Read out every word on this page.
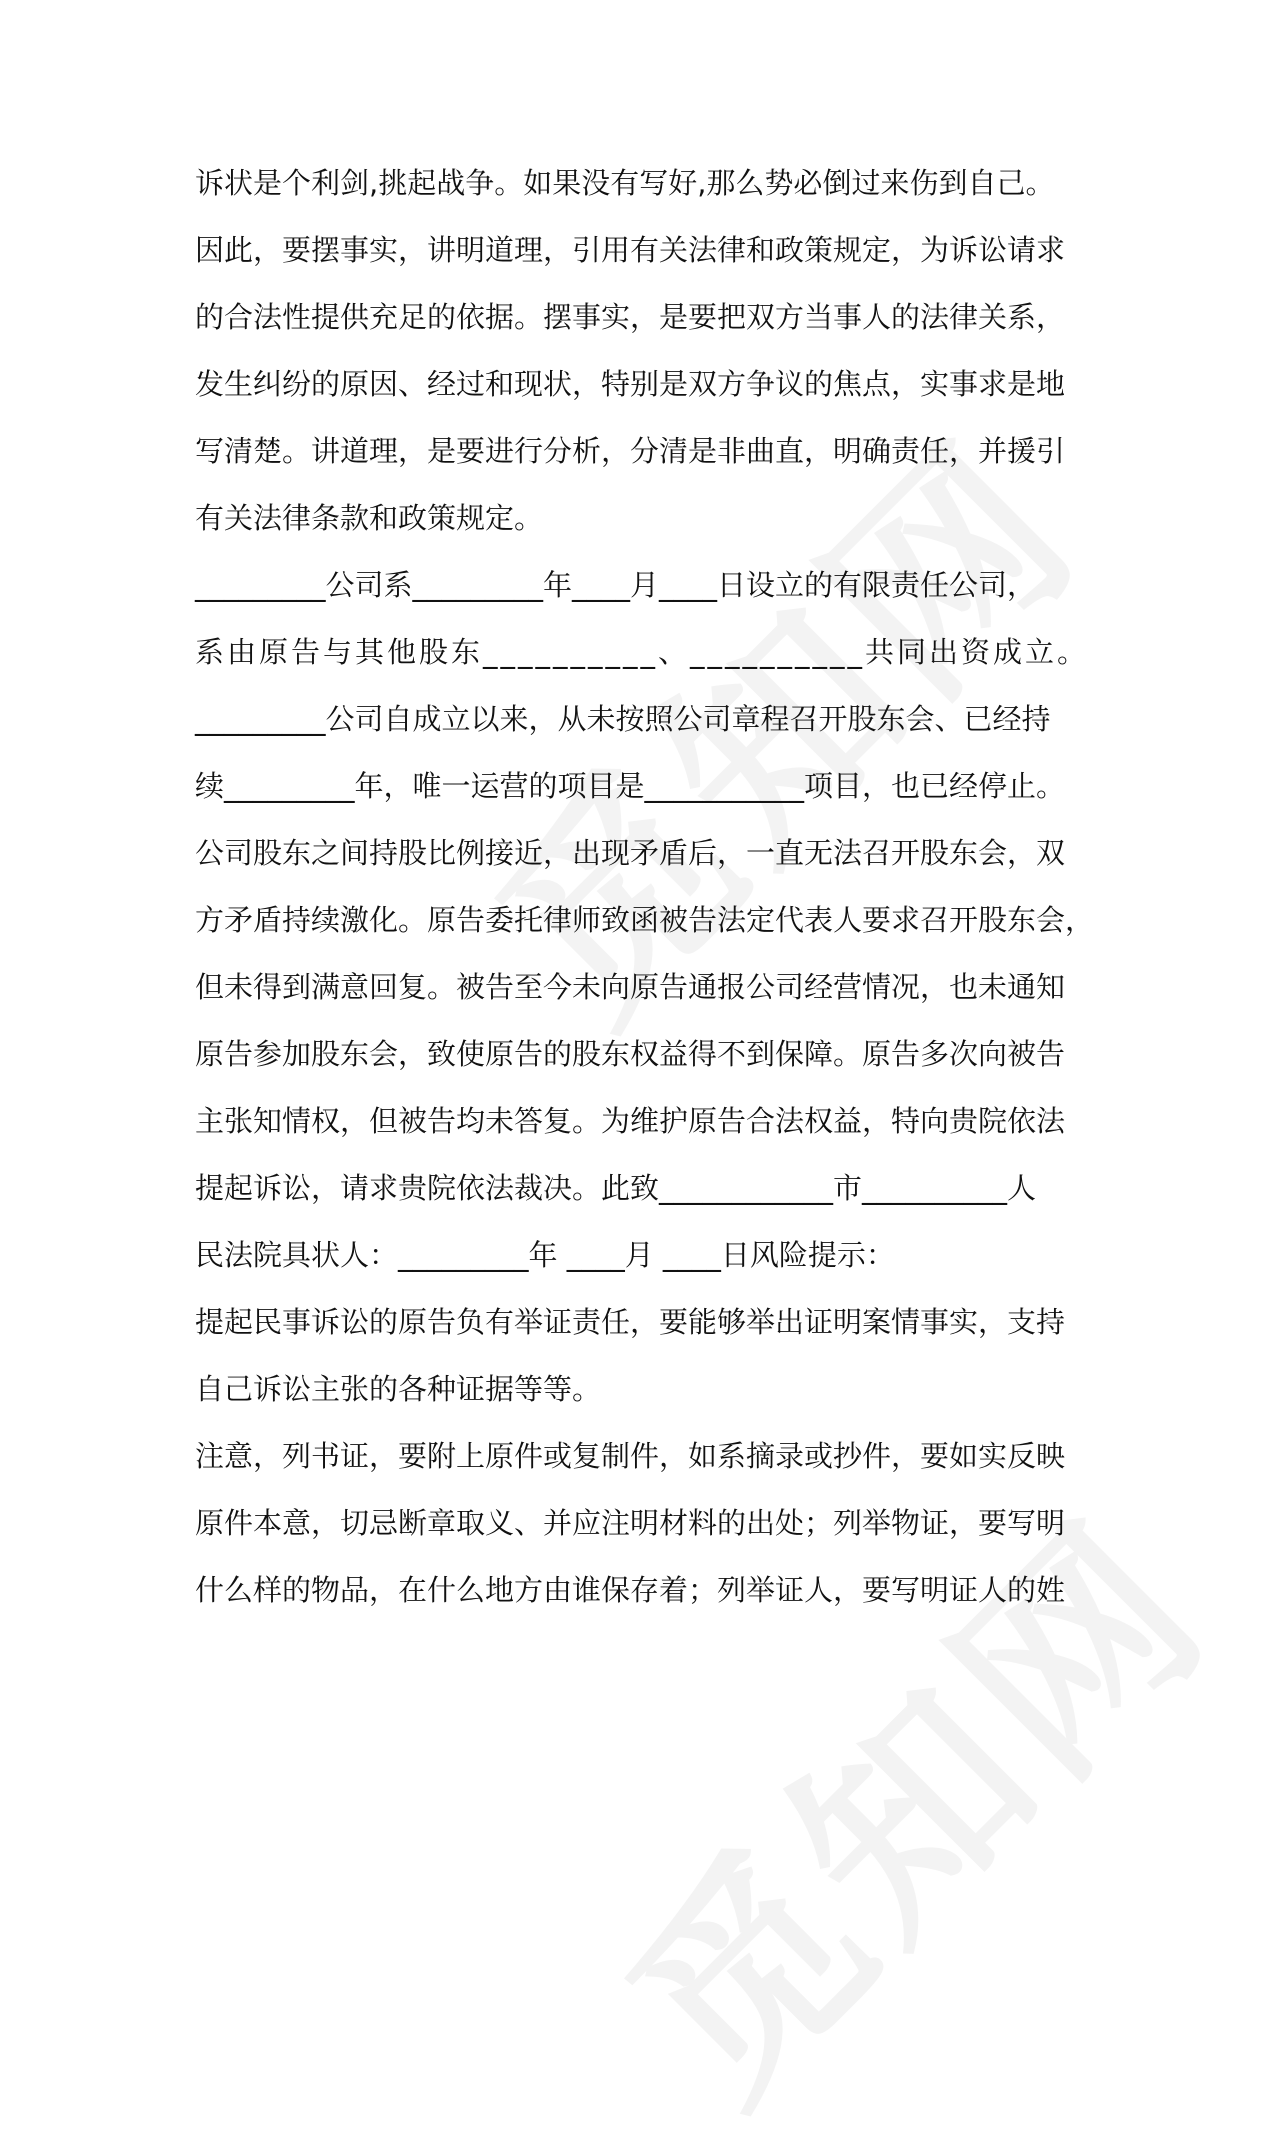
诉状是个利剑,挑起战争。如果没有写好,那么势必倒过来伤到自己。
因此，要摆事实，讲明道理，引用有关法律和政策规定，为诉讼请求
的合法性提供充足的依据。摆事实，是要把双方当事人的法律关系，
发生纠纷的原因、经过和现状，特别是双方争议的焦点，实事求是地
写清楚。讲道理，是要进行分析，分清是非曲直，明确责任，并援引
有关法律条款和政策规定。
_________公司系_________年____月____日设立的有限责任公司，
系由原告与其他股东__________、__________共同出资成立。
_________公司自成立以来，从未按照公司章程召开股东会、已经持
续_________年，唯一运营的项目是___________项目，也已经停止。
公司股东之间持股比例接近，出现矛盾后，一直无法召开股东会，双
方矛盾持续激化。原告委托律师致函被告法定代表人要求召开股东会，
但未得到满意回复。被告至今未向原告通报公司经营情况，也未通知
原告参加股东会，致使原告的股东权益得不到保障。原告多次向被告
主张知情权，但被告均未答复。为维护原告合法权益，特向贵院依法
提起诉讼，请求贵院依法裁决。此致____________市__________人
民法院具状人：_________年 ____月 ____日风险提示：
提起民事诉讼的原告负有举证责任，要能够举出证明案情事实，支持
自己诉讼主张的各种证据等等。
注意，列书证，要附上原件或复制件，如系摘录或抄件，要如实反映
原件本意，切忌断章取义、并应注明材料的出处；列举物证，要写明
什么样的物品，在什么地方由谁保存着；列举证人，要写明证人的姓
